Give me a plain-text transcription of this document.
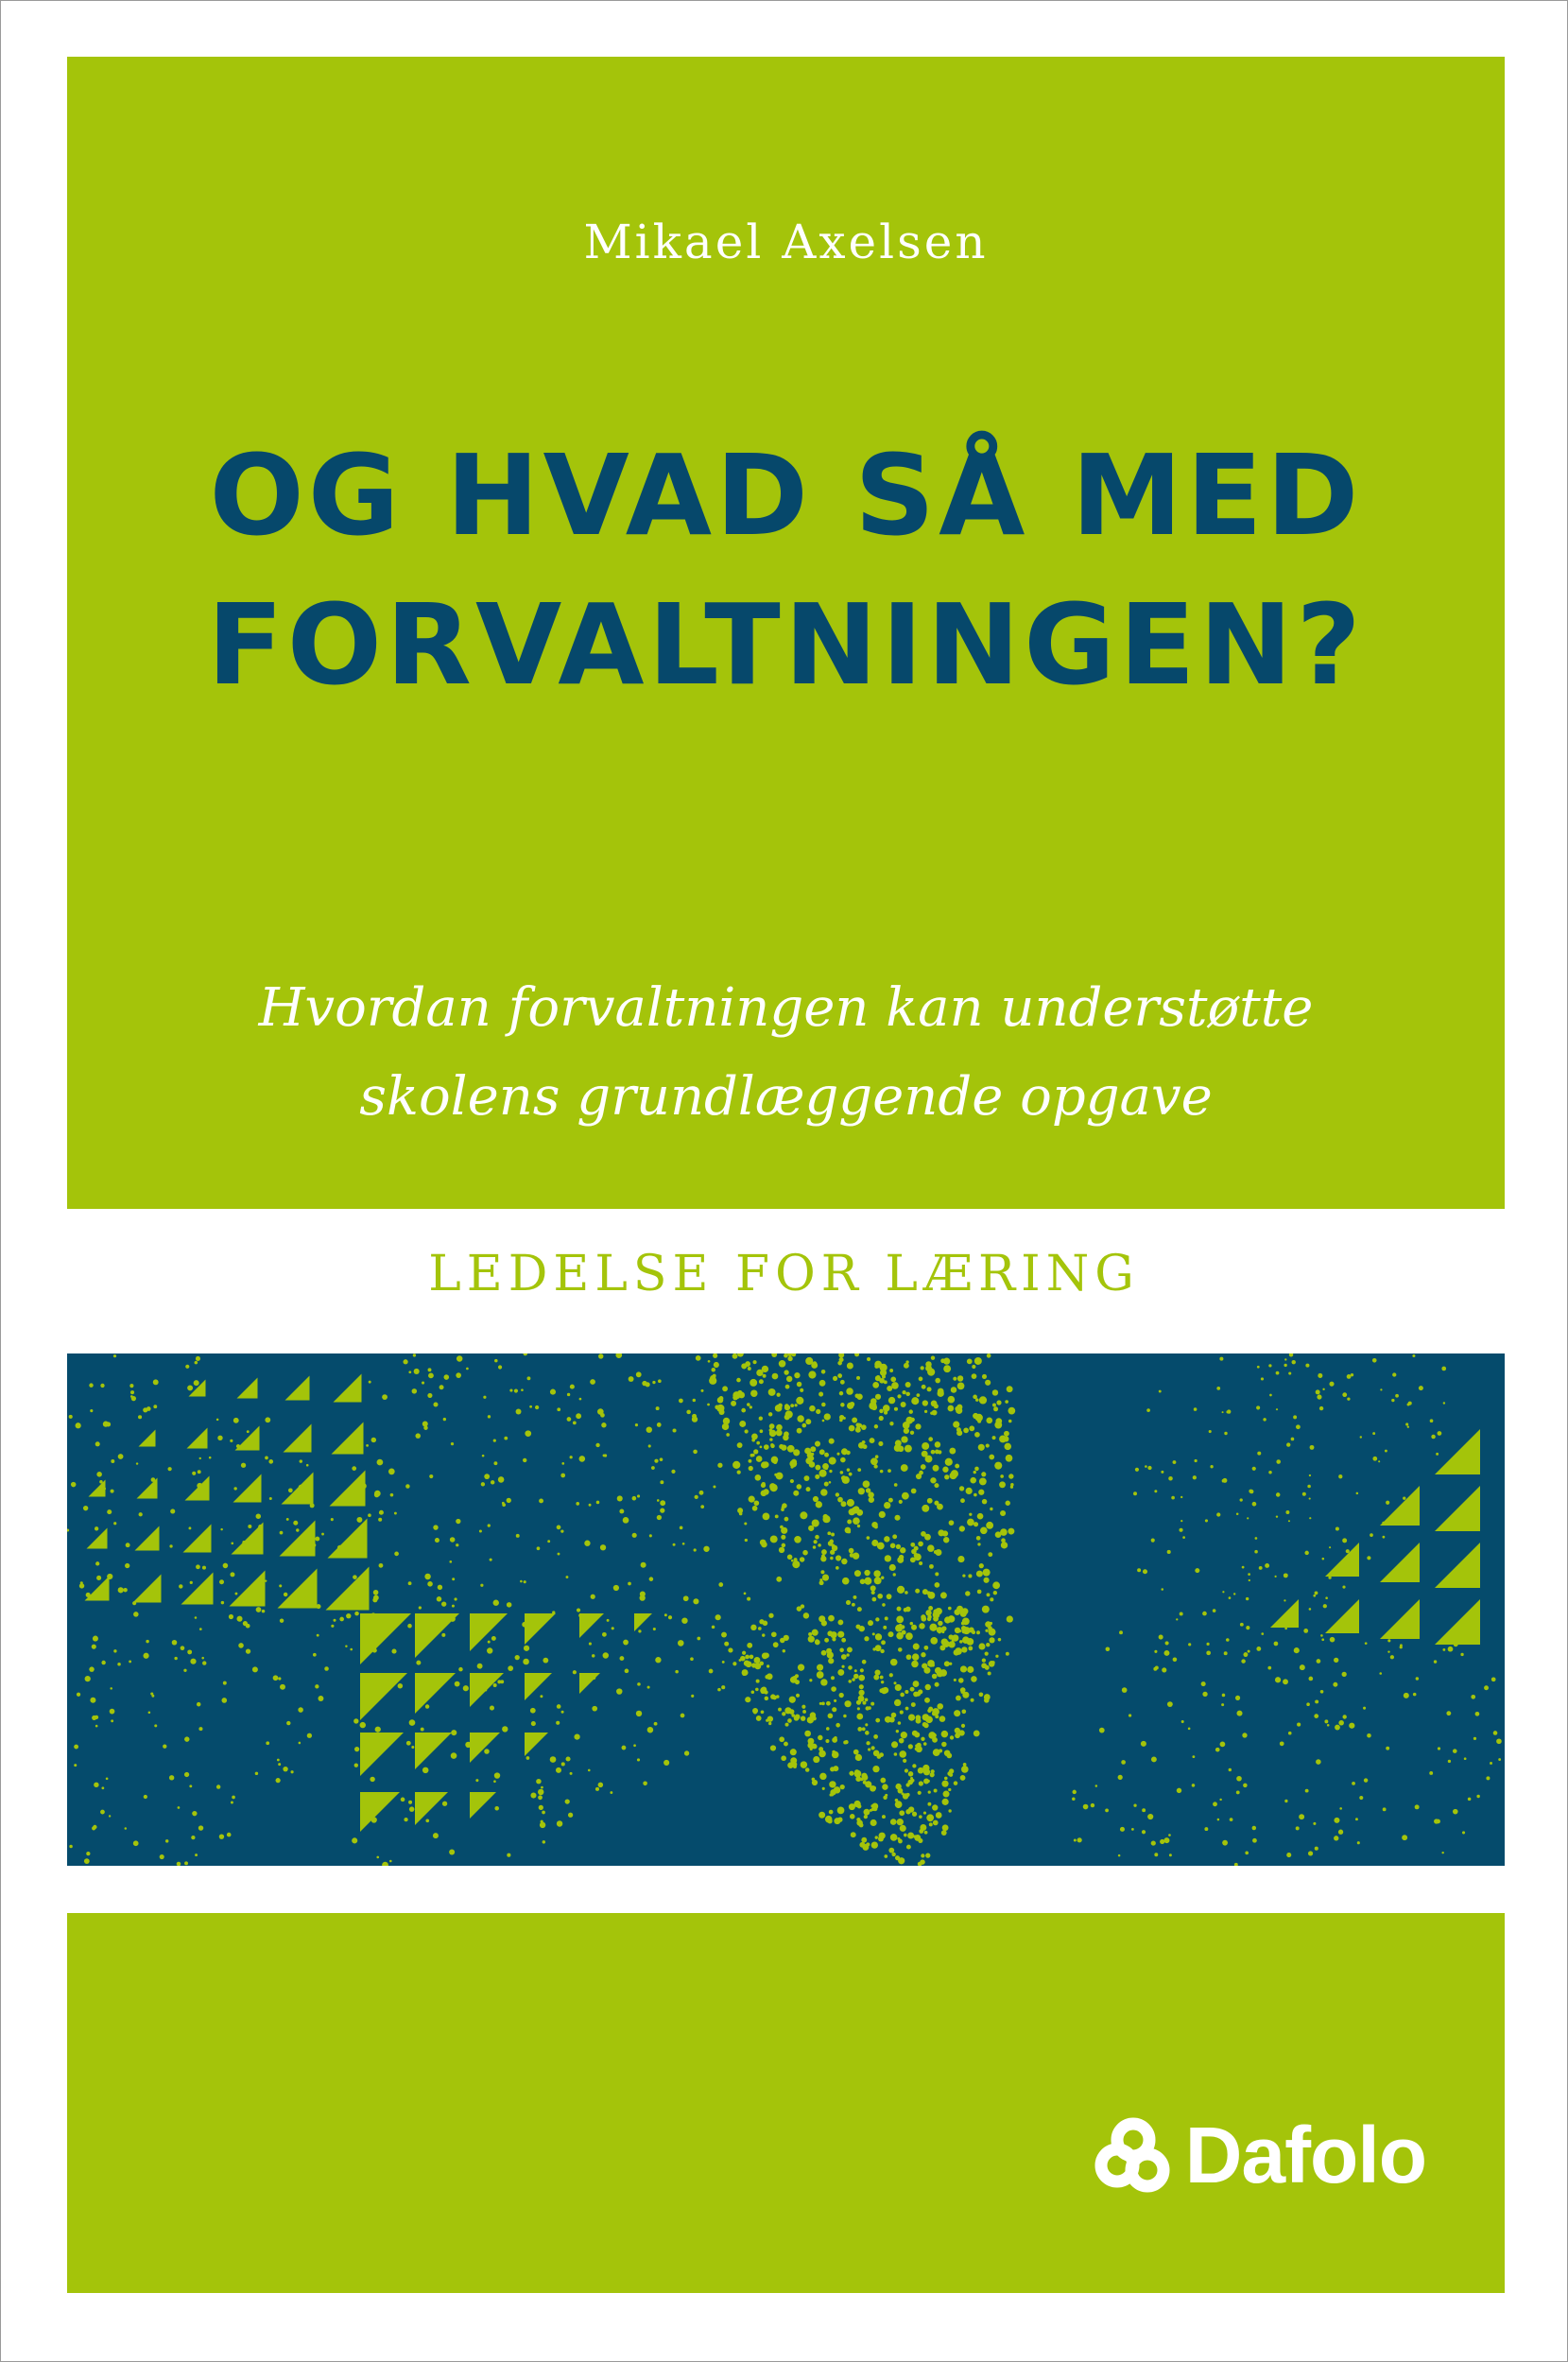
Mikael Axelsen
OG HVAD SÅ MED
FORVALTNINGEN?
Hvordan forvaltningen kan understøtte
skolens grundlæggende opgave
LEDELSE FOR LÆRING
Dafolo
